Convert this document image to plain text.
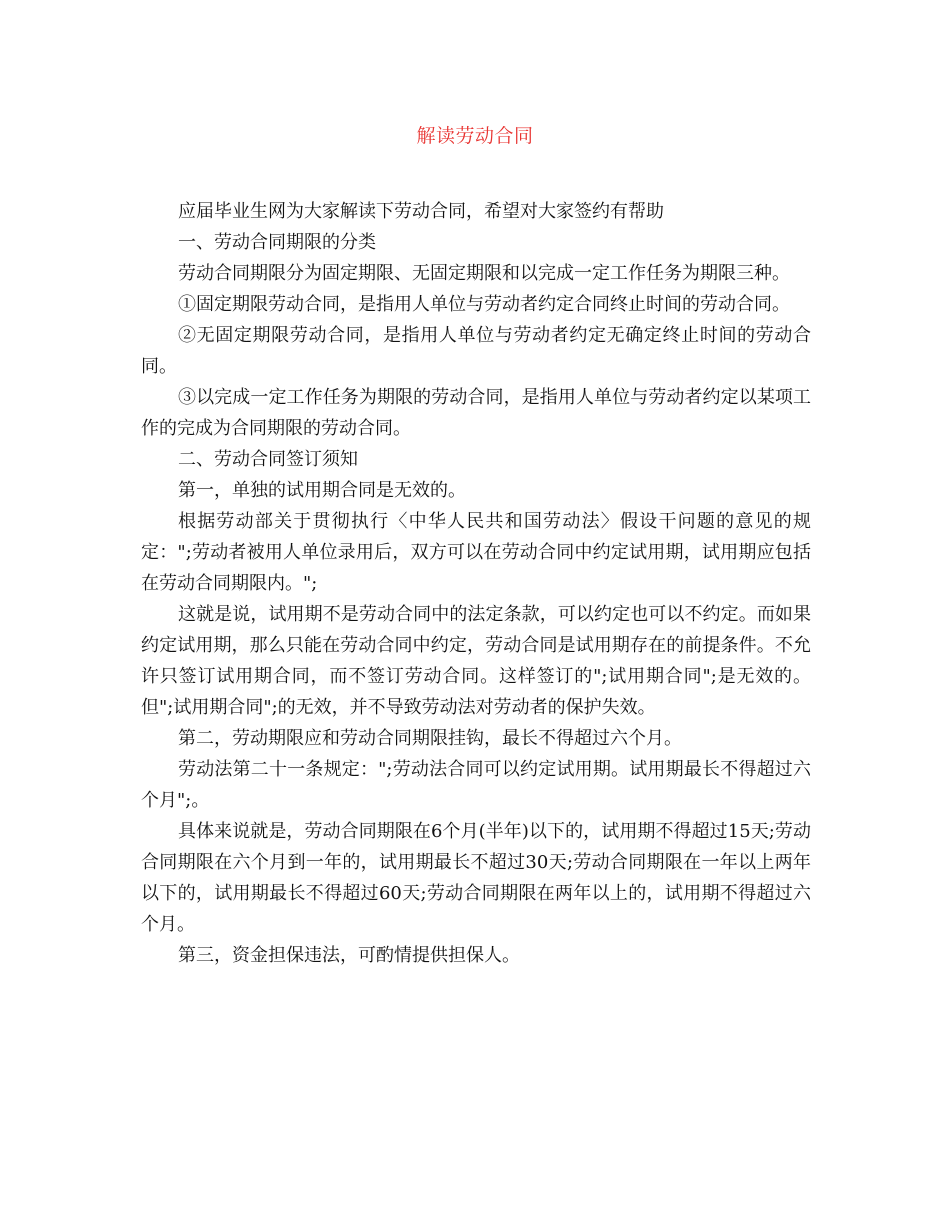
解读劳动合同

应届毕业生网为大家解读下劳动合同，希望对大家签约有帮助

一、劳动合同期限的分类

劳动合同期限分为固定期限、无固定期限和以完成一定工作任务为期限三种。

①固定期限劳动合同，是指用人单位与劳动者约定合同终止时间的劳动合同。

②无固定期限劳动合同，是指用人单位与劳动者约定无确定终止时间的劳动合同。

③以完成一定工作任务为期限的劳动合同，是指用人单位与劳动者约定以某项工作的完成为合同期限的劳动合同。

二、劳动合同签订须知

第一，单独的试用期合同是无效的。

根据劳动部关于贯彻执行〈中华人民共和国劳动法〉假设干问题的意见的规定：";劳动者被用人单位录用后，双方可以在劳动合同中约定试用期，试用期应包括在劳动合同期限内。";

这就是说，试用期不是劳动合同中的法定条款，可以约定也可以不约定。而如果约定试用期，那么只能在劳动合同中约定，劳动合同是试用期存在的前提条件。不允许只签订试用期合同，而不签订劳动合同。这样签订的";试用期合同";是无效的。但";试用期合同";的无效，并不导致劳动法对劳动者的保护失效。

第二，劳动期限应和劳动合同期限挂钩，最长不得超过六个月。

劳动法第二十一条规定：";劳动法合同可以约定试用期。试用期最长不得超过六个月";。

具体来说就是，劳动合同期限在6个月(半年)以下的，试用期不得超过15天;劳动合同期限在六个月到一年的，试用期最长不超过30天;劳动合同期限在一年以上两年以下的，试用期最长不得超过60天;劳动合同期限在两年以上的，试用期不得超过六个月。

第三，资金担保违法，可酌情提供担保人。
